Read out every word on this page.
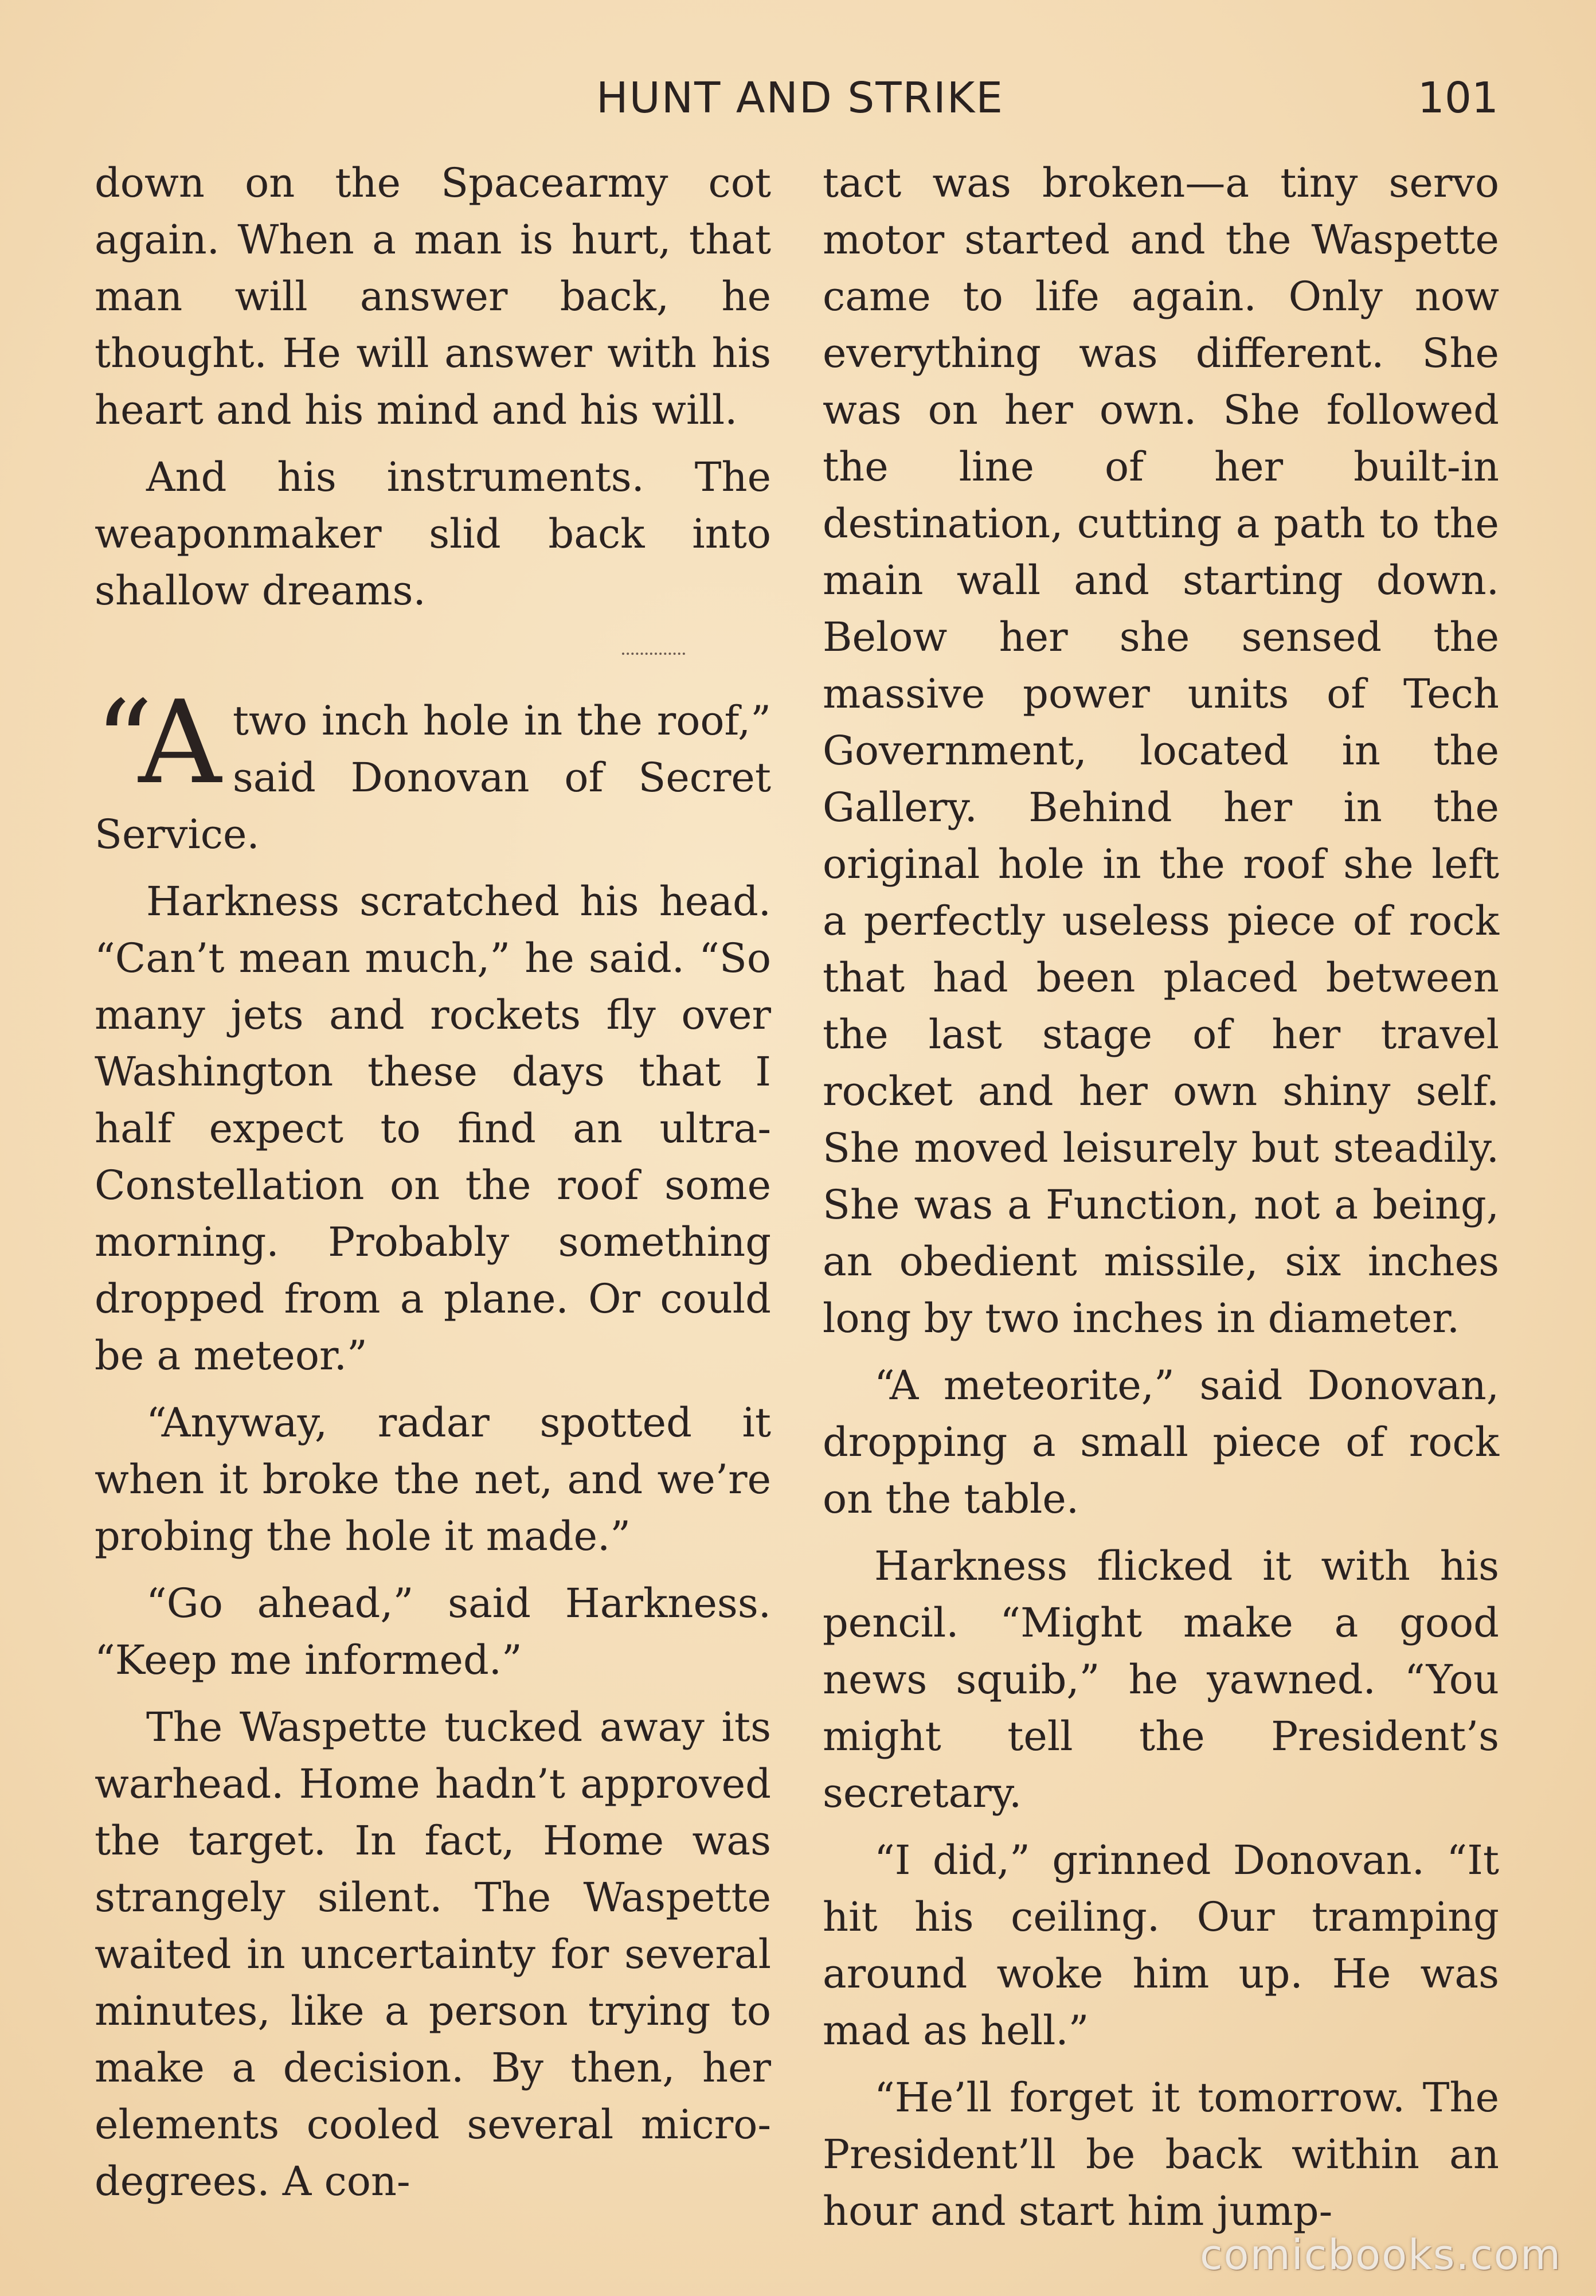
HUNT AND STRIKE	101

down on the Spacearmy cot again. When a man is hurt, that man will answer back, he thought. He will answer with his heart and his mind and his will.

And his instruments. The weaponmaker slid back into shallow dreams.

“A two inch hole in the roof,” said Donovan of Secret Service.

Harkness scratched his head. “Can’t mean much,” he said. “So many jets and rockets fly over Washington these days that I half expect to find an ultra-Constellation on the roof some morning. Probably something dropped from a plane. Or could be a meteor.”

“Anyway, radar spotted it when it broke the net, and we’re probing the hole it made.”

“Go ahead,” said Harkness. “Keep me informed.”

The Waspette tucked away its warhead. Home hadn’t approved the target. In fact, Home was strangely silent. The Waspette waited in uncertainty for several minutes, like a person trying to make a decision. By then, her elements cooled several micro-degrees. A con-

tact was broken—a tiny servo motor started and the Waspette came to life again. Only now everything was different. She was on her own. She followed the line of her built-in destination, cutting a path to the main wall and starting down. Below her she sensed the massive power units of Tech Government, located in the Gallery. Behind her in the original hole in the roof she left a perfectly useless piece of rock that had been placed between the last stage of her travel rocket and her own shiny self. She moved leisurely but steadily. She was a Function, not a being, an obedient missile, six inches long by two inches in diameter.

“A meteorite,” said Donovan, dropping a small piece of rock on the table.

Harkness flicked it with his pencil. “Might make a good news squib,” he yawned. “You might tell the President’s secretary.

“I did,” grinned Donovan. “It hit his ceiling. Our tramping around woke him up. He was mad as hell.”

“He’ll forget it tomorrow. The President’ll be back within an hour and start him jump-

comicbooks.com
